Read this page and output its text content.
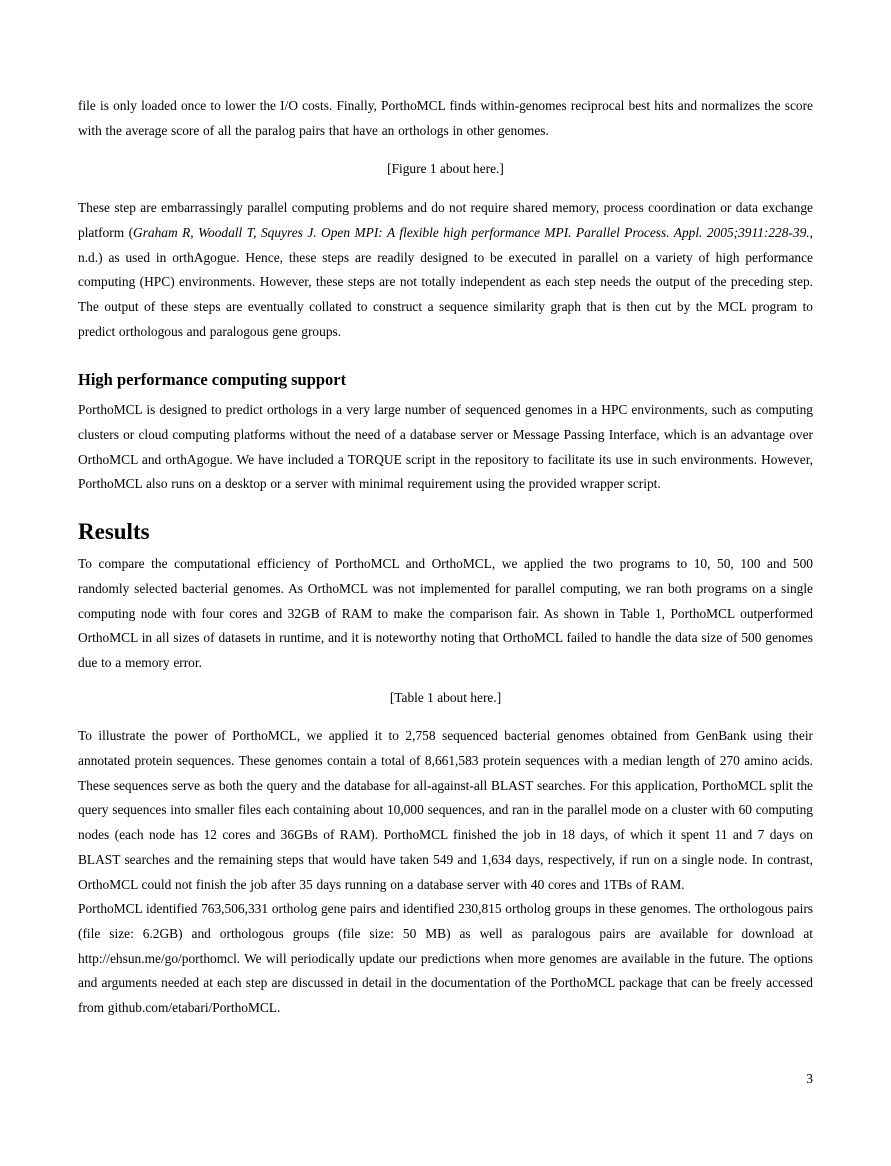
file is only loaded once to lower the I/O costs. Finally, PorthoMCL finds within-genomes reciprocal best hits and normalizes the score with the average score of all the paralog pairs that have an orthologs in other genomes.

[Figure 1 about here.]

These step are embarrassingly parallel computing problems and do not require shared memory, process coordination or data exchange platform (Graham R, Woodall T, Squyres J. Open MPI: A flexible high performance MPI. Parallel Process. Appl. 2005;3911:228-39., n.d.) as used in orthAgogue. Hence, these steps are readily designed to be executed in parallel on a variety of high performance computing (HPC) environments. However, these steps are not totally independent as each step needs the output of the preceding step. The output of these steps are eventually collated to construct a sequence similarity graph that is then cut by the MCL program to predict orthologous and paralogous gene groups.

High performance computing support

PorthoMCL is designed to predict orthologs in a very large number of sequenced genomes in a HPC environments, such as computing clusters or cloud computing platforms without the need of a database server or Message Passing Interface, which is an advantage over OrthoMCL and orthAgogue. We have included a TORQUE script in the repository to facilitate its use in such environments. However, PorthoMCL also runs on a desktop or a server with minimal requirement using the provided wrapper script.

Results

To compare the computational efficiency of PorthoMCL and OrthoMCL, we applied the two programs to 10, 50, 100 and 500 randomly selected bacterial genomes. As OrthoMCL was not implemented for parallel computing, we ran both programs on a single computing node with four cores and 32GB of RAM to make the comparison fair. As shown in Table 1, PorthoMCL outperformed OrthoMCL in all sizes of datasets in runtime, and it is noteworthy noting that OrthoMCL failed to handle the data size of 500 genomes due to a memory error.

[Table 1 about here.]

To illustrate the power of PorthoMCL, we applied it to 2,758 sequenced bacterial genomes obtained from GenBank using their annotated protein sequences. These genomes contain a total of 8,661,583 protein sequences with a median length of 270 amino acids. These sequences serve as both the query and the database for all-against-all BLAST searches. For this application, PorthoMCL split the query sequences into smaller files each containing about 10,000 sequences, and ran in the parallel mode on a cluster with 60 computing nodes (each node has 12 cores and 36GBs of RAM). PorthoMCL finished the job in 18 days, of which it spent 11 and 7 days on BLAST searches and the remaining steps that would have taken 549 and 1,634 days, respectively, if run on a single node. In contrast, OrthoMCL could not finish the job after 35 days running on a database server with 40 cores and 1TBs of RAM.

PorthoMCL identified 763,506,331 ortholog gene pairs and identified 230,815 ortholog groups in these genomes. The orthologous pairs (file size: 6.2GB) and orthologous groups (file size: 50 MB) as well as paralogous pairs are available for download at http://ehsun.me/go/porthomcl. We will periodically update our predictions when more genomes are available in the future. The options and arguments needed at each step are discussed in detail in the documentation of the PorthoMCL package that can be freely accessed from github.com/etabari/PorthoMCL.

3
